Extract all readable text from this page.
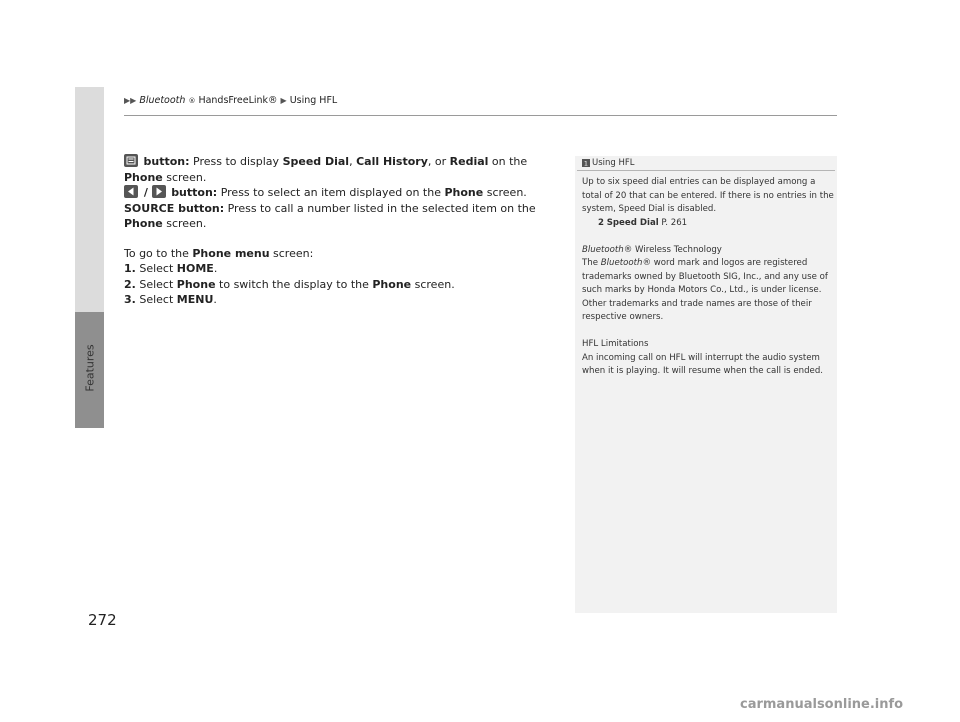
Features
▶▶ Bluetooth ® HandsFreeLink® ▶ Using HFL

button: Press to display Speed Dial, Call History, or Redial on the Phone screen.

/
button: Press to select an item displayed on the Phone screen.

SOURCE button: Press to call a number listed in the selected item on the Phone screen.

To go to the Phone menu screen:

1. Select HOME.

2. Select Phone to switch the display to the Phone screen.

3. Select MENU.

1 Using HFL

Up to six speed dial entries can be displayed among a total of 20 that can be entered. If there is no entries in the system, Speed Dial is disabled.

2 Speed Dial P. 261

Bluetooth® Wireless Technology

The Bluetooth® word mark and logos are registered trademarks owned by Bluetooth SIG, Inc., and any use of such marks by Honda Motors Co., Ltd., is under license. Other trademarks and trade names are those of their respective owners.

HFL Limitations

An incoming call on HFL will interrupt the audio system when it is playing. It will resume when the call is ended.

272
carmanualsonline.info
